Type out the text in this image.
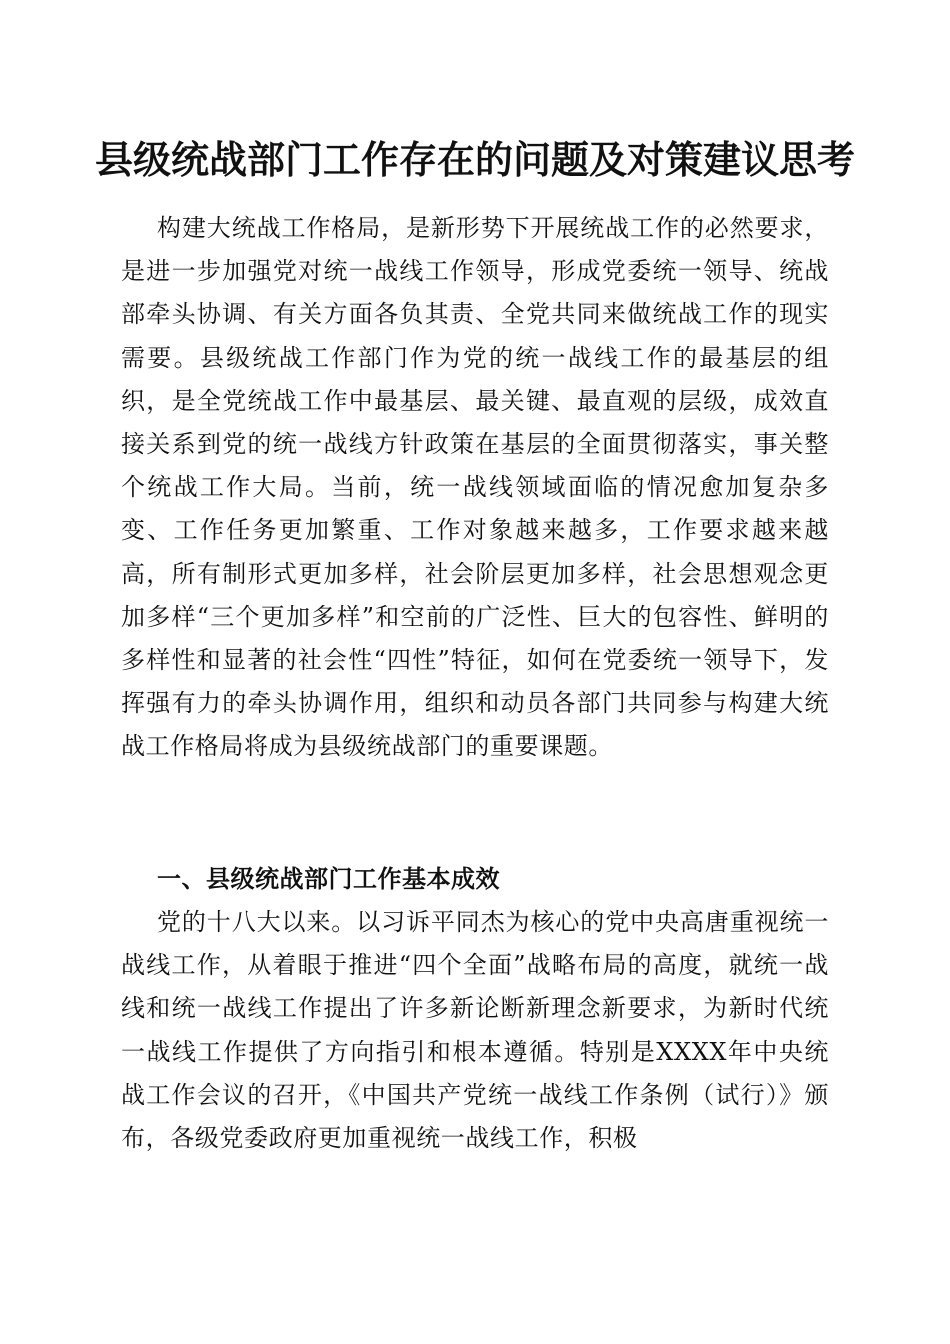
县级统战部门工作存在的问题及对策建议思考

构建大统战工作格局，是新形势下开展统战工作的必然要求，是进一步加强党对统一战线工作领导，形成党委统一领导、统战部牵头协调、有关方面各负其责、全党共同来做统战工作的现实需要。县级统战工作部门作为党的统一战线工作的最基层的组织，是全党统战工作中最基层、最关键、最直观的层级，成效直接关系到党的统一战线方针政策在基层的全面贯彻落实，事关整个统战工作大局。当前，统一战线领域面临的情况愈加复杂多变、工作任务更加繁重、工作对象越来越多，工作要求越来越高，所有制形式更加多样，社会阶层更加多样，社会思想观念更加多样“三个更加多样”和空前的广泛性、巨大的包容性、鲜明的多样性和显著的社会性“四性”特征，如何在党委统一领导下，发挥强有力的牵头协调作用，组织和动员各部门共同参与构建大统战工作格局将成为县级统战部门的重要课题。

一、县级统战部门工作基本成效

党的十八大以来。以习诉平同杰为核心的党中央高唐重视统一战线工作，从着眼于推进“四个全面”战略布局的高度，就统一战线和统一战线工作提出了许多新论断新理念新要求，为新时代统一战线工作提供了方向指引和根本遵循。特别是XXXX年中央统战工作会议的召开，《中国共产党统一战线工作条例（试行）》颁布，各级党委政府更加重视统一战线工作，积极
